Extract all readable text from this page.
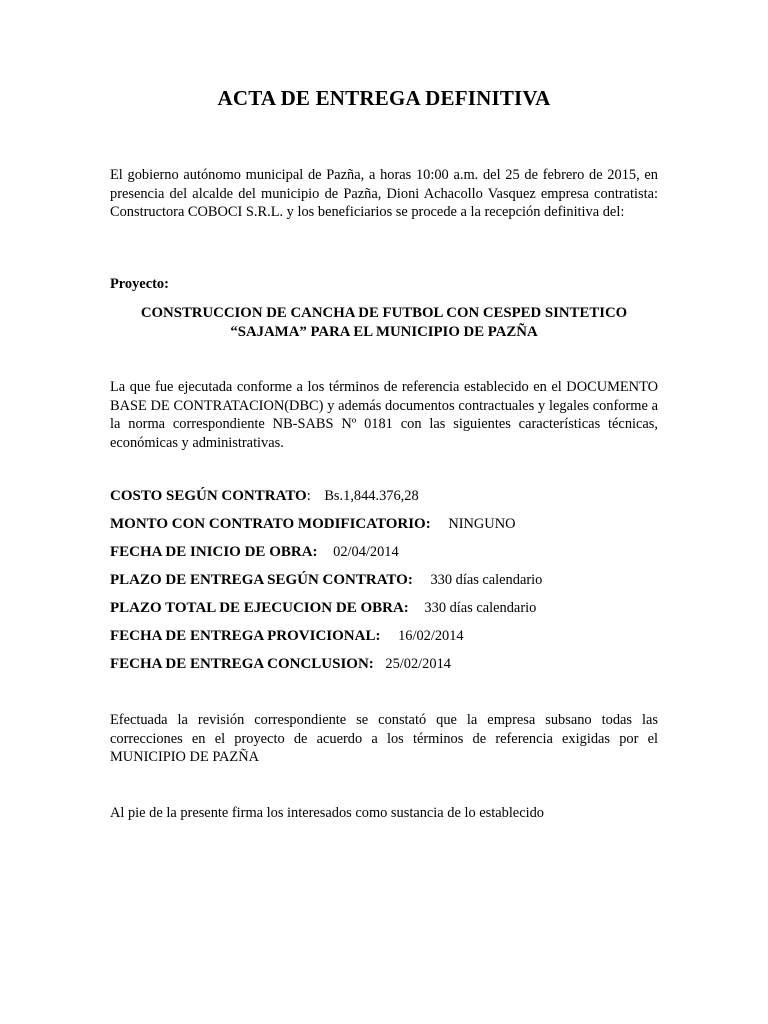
ACTA DE ENTREGA DEFINITIVA
El gobierno autónomo municipal de Pazña, a horas 10:00 a.m. del 25 de febrero de 2015, en presencia del alcalde del municipio de Pazña, Dioni Achacollo Vasquez empresa contratista: Constructora COBOCI S.R.L. y los beneficiarios se procede a la recepción definitiva del:
Proyecto:
CONSTRUCCION DE CANCHA DE FUTBOL CON CESPED SINTETICO
“SAJAMA” PARA EL MUNICIPIO DE PAZÑA
La que fue ejecutada conforme a los términos de referencia establecido en el DOCUMENTO BASE DE CONTRATACION(DBC) y además documentos contractuales y legales conforme a la norma correspondiente NB-SABS Nº 0181 con las siguientes características técnicas, económicas y administrativas.
COSTO SEGÚN CONTRATO: Bs.1,844.376,28
MONTO CON CONTRATO MODIFICATORIO: NINGUNO
FECHA DE INICIO DE OBRA: 02/04/2014
PLAZO DE ENTREGA SEGÚN CONTRATO: 330 días calendario
PLAZO TOTAL DE EJECUCION DE OBRA: 330 días calendario
FECHA DE ENTREGA PROVICIONAL: 16/02/2014
FECHA DE ENTREGA CONCLUSION: 25/02/2014
Efectuada la revisión correspondiente se constató que la empresa subsano todas las correcciones en el proyecto de acuerdo a los términos de referencia exigidas por el MUNICIPIO DE PAZÑA
Al pie de la presente firma los interesados como sustancia de lo establecido
